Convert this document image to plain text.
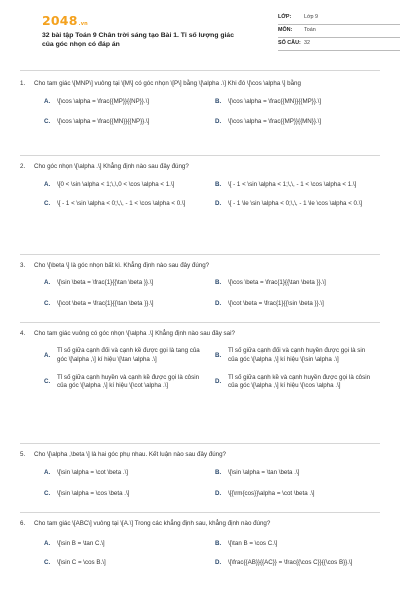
2048.vn
32 bài tập Toán 9 Chân trời sáng tạo Bài 1. Tỉ số lượng giác của góc nhọn có đáp án
LỚP:	Lớp 9
MÔN:	Toán
SỐ CÂU: 32
1.	Cho tam giác \[MNP\] vuông tại \[M\] có góc nhọn \[P\] bằng \[\alpha .\] Khi đó \[\cos \alpha \] bằng
A.	\[\cos \alpha = \frac{{MP}}{{NP}}.\]	B.	\[\cos \alpha = \frac{{MN}}{{MP}}.\]
C.	\[\cos \alpha = \frac{{MN}}{{NP}}.\]	D.	\[\cos \alpha = \frac{{MP}}{{MN}}.\]
2.	Cho góc nhọn \[\alpha .\] Khẳng định nào sau đây đúng?
A.	\[0 < \sin \alpha < 1;\,\,0 < \cos \alpha < 1.\]	B.	\[ - 1 < \sin \alpha < 1;\,\, - 1 < \cos \alpha < 1.\]
C.	\[ - 1 < \sin \alpha < 0;\,\, - 1 < \cos \alpha < 0.\]	D.	\[ - 1 \le \sin \alpha < 0;\,\, - 1 \le \cos \alpha < 0.\]
3.	Cho \[\beta \] là góc nhọn bất kì. Khẳng định nào sau đây đúng?
A.	\[\sin \beta = \frac{1}{{\tan \beta }}.\]	B.	\[\cos \beta = \frac{1}{{\tan \beta }}.\]
C.	\[\cot \beta = \frac{1}{{\tan \beta }}.\]	D.	\[\cot \beta = \frac{1}{{\sin \beta }}.\]
4.	Cho tam giác vuông có góc nhọn \[\alpha .\] Khẳng định nào sau đây sai?
A.
Tỉ số giữa cạnh đối và cạnh kề được gọi là tang của góc \[\alpha ,\] kí hiệu \[\tan \alpha .\]
B.
Tỉ số giữa cạnh đối và cạnh huyền được gọi là sin của góc \[\alpha ,\] kí hiệu \[\sin \alpha .\]
C.
Tỉ số giữa cạnh huyền và cạnh kề được gọi là côsin của góc \[\alpha ,\] kí hiệu \[\cot \alpha .\]
D.
Tỉ số giữa cạnh kề và cạnh huyền được gọi là côsin của góc \[\alpha ,\] kí hiệu \[\cos \alpha .\]
5.	Cho \[\alpha ,\beta \] là hai góc phụ nhau. Kết luận nào sau đây đúng?
A.	\[\sin \alpha = \cot \beta .\]	B.	\[\sin \alpha = \tan \beta .\]
C.	\[\sin \alpha = \cos \beta .\]	D.	\[{\rm{cos}}\alpha = \cot \beta .\]
6.	Cho tam giác \[ABC\] vuông tại \[A.\] Trong các khẳng định sau, khẳng định nào đúng?
A.	\[\sin B = \tan C.\]	B.	\[\tan B = \cos C.\]
C.	\[\sin C = \cos B.\]	D.	\[\frac{{AB}}{{AC}} = \frac{{\cos C}}{{\cos B}}.\]
